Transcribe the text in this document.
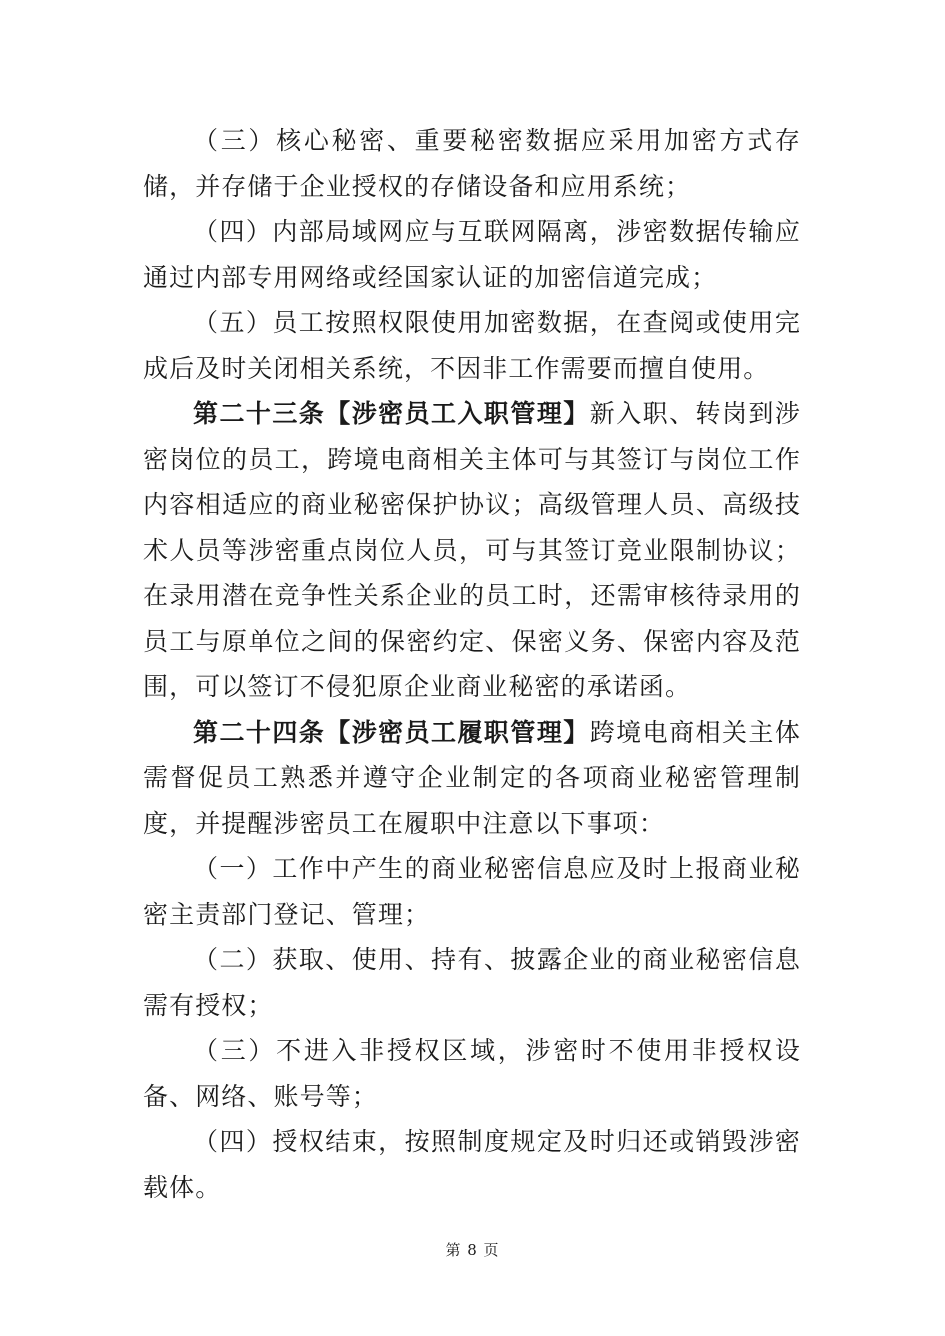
（三）核心秘密、重要秘密数据应采用加密方式存储，并存储于企业授权的存储设备和应用系统；

（四）内部局域网应与互联网隔离，涉密数据传输应通过内部专用网络或经国家认证的加密信道完成；

（五）员工按照权限使用加密数据，在查阅或使用完成后及时关闭相关系统，不因非工作需要而擅自使用。

第二十三条【涉密员工入职管理】新入职、转岗到涉密岗位的员工，跨境电商相关主体可与其签订与岗位工作内容相适应的商业秘密保护协议；高级管理人员、高级技术人员等涉密重点岗位人员，可与其签订竞业限制协议；在录用潜在竞争性关系企业的员工时，还需审核待录用的员工与原单位之间的保密约定、保密义务、保密内容及范围，可以签订不侵犯原企业商业秘密的承诺函。

第二十四条【涉密员工履职管理】跨境电商相关主体需督促员工熟悉并遵守企业制定的各项商业秘密管理制度，并提醒涉密员工在履职中注意以下事项：

（一）工作中产生的商业秘密信息应及时上报商业秘密主责部门登记、管理；

（二）获取、使用、持有、披露企业的商业秘密信息需有授权；

（三）不进入非授权区域，涉密时不使用非授权设备、网络、账号等；

（四）授权结束，按照制度规定及时归还或销毁涉密载体。

第 8 页
